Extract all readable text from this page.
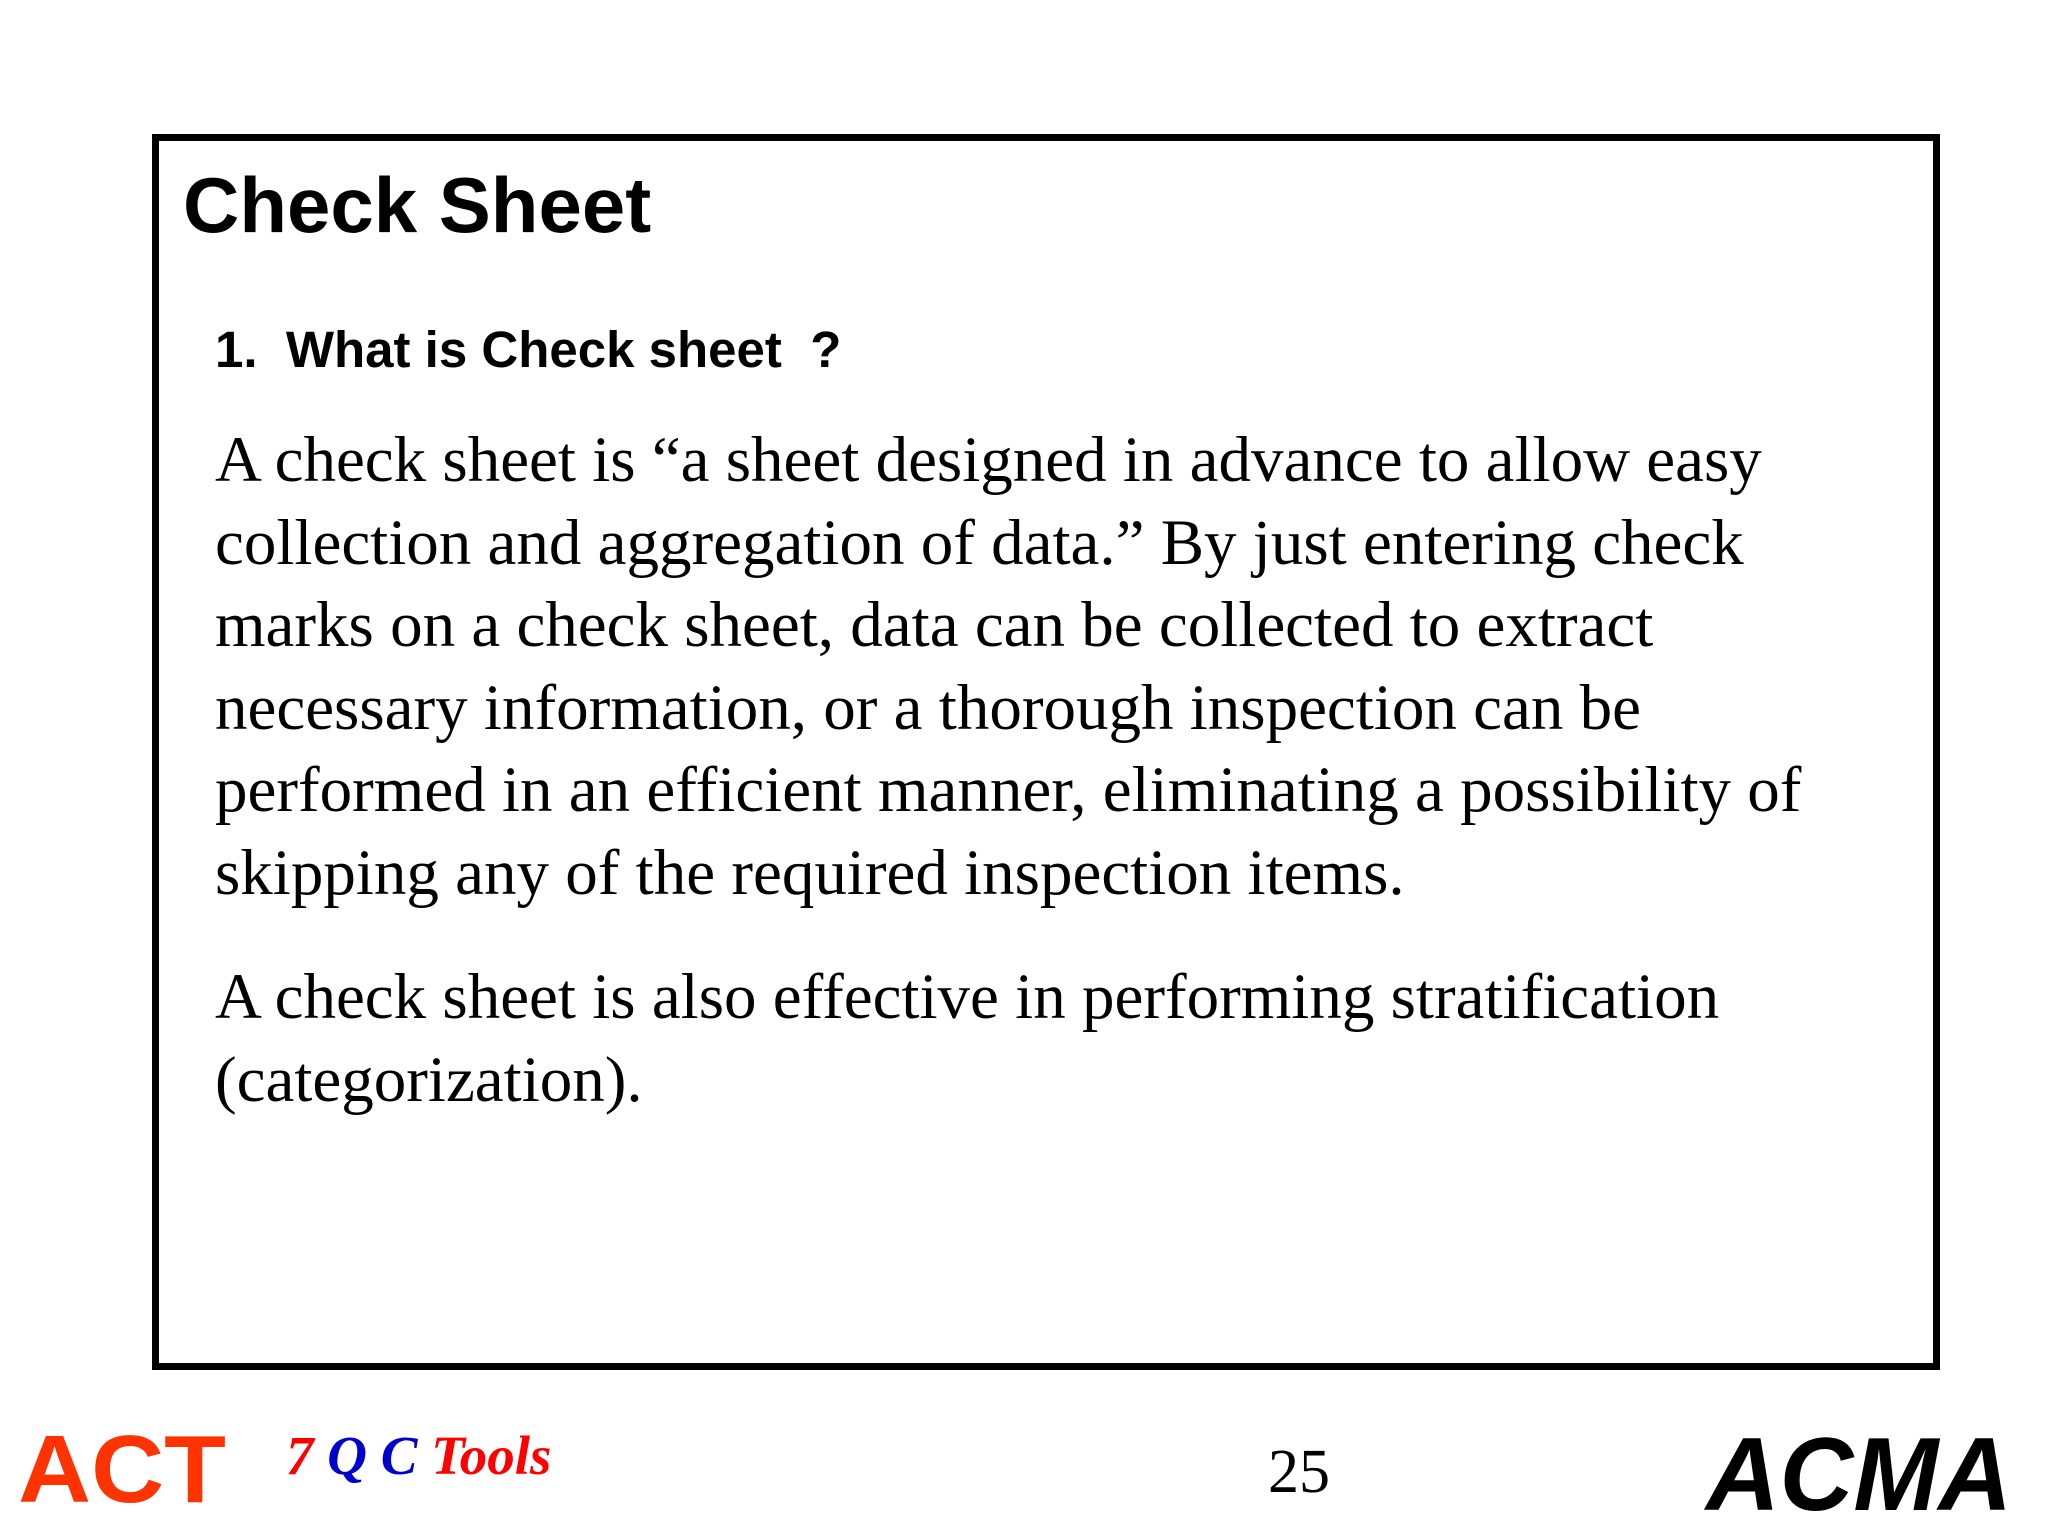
Check Sheet
1.  What is Check sheet  ?

A check sheet is “a sheet designed in advance to allow easy collection and aggregation of data.” By just entering check marks on a check sheet, data can be collected to extract necessary information, or a thorough inspection can be performed in an efficient manner, eliminating a possibility of skipping any of the required inspection items.

A check sheet is also effective in performing stratification (categorization).

ACT 7 Q C Tools	25	ACMA
